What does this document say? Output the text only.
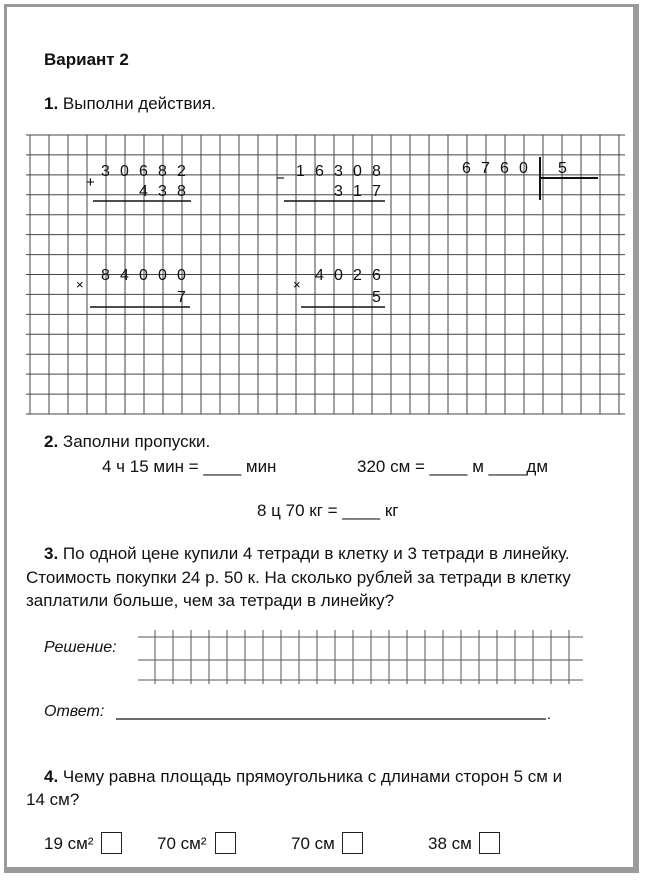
Вариант 2
1. Выполни действия.
+
3 0 6 8 2
4 3 8
− 1 6 3 0 8
3 1 7
6 7 6 0 5
×
8 4 0 0 0
7
×
4 0 2 6
5
.
2. Заполни пропуски.
4 ч 15 мин = ____ мин	320 см = ____ м ____дм
8 ц 70 кг = ____ кг
3. По одной цене купили 4 тетради в клетку и 3 тетради в линейку.
Стоимость покупки 24 р. 50 к. На сколько рублей за тетради в клетку
заплатили больше, чем за тетради в линейку?
Решение:
Ответ:
4. Чему равна площадь прямоугольника с длинами сторон 5 см и
14 см?
19 см²	70 см²	70 см	38 см
